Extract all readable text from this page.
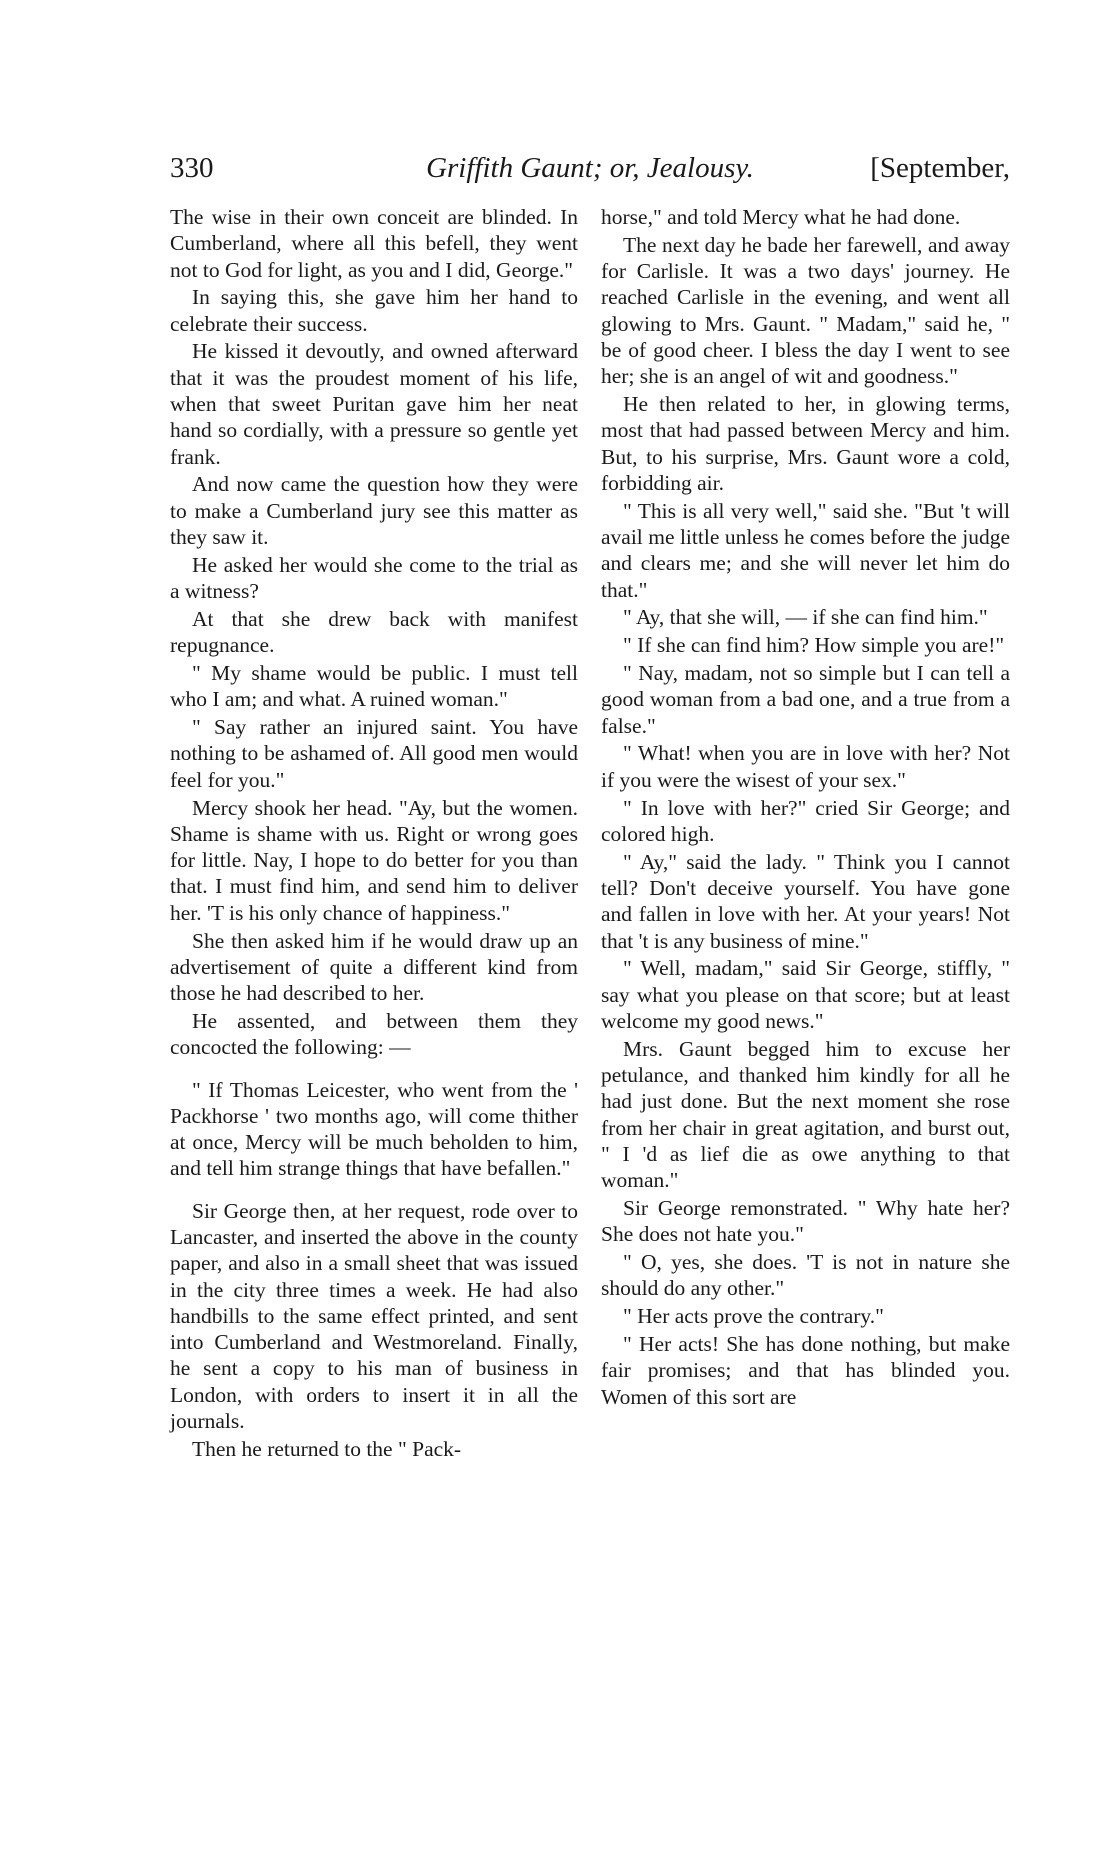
330	Griffith Gaunt; or, Jealousy.	[September,

The wise in their own conceit are blinded. In Cumberland, where all this befell, they went not to God for light, as you and I did, George."

In saying this, she gave him her hand to celebrate their success.

He kissed it devoutly, and owned afterward that it was the proudest moment of his life, when that sweet Puritan gave him her neat hand so cordially, with a pressure so gentle yet frank.

And now came the question how they were to make a Cumberland jury see this matter as they saw it.

He asked her would she come to the trial as a witness?

At that she drew back with manifest repugnance.

" My shame would be public. I must tell who I am; and what. A ruined woman."

" Say rather an injured saint. You have nothing to be ashamed of. All good men would feel for you."

Mercy shook her head. "Ay, but the women. Shame is shame with us. Right or wrong goes for little. Nay, I hope to do better for you than that. I must find him, and send him to deliver her. 'T is his only chance of happiness."

She then asked him if he would draw up an advertisement of quite a different kind from those he had described to her.

He assented, and between them they concocted the following: —

" If Thomas Leicester, who went from the ' Packhorse ' two months ago, will come thither at once, Mercy will be much beholden to him, and tell him strange things that have befallen."

Sir George then, at her request, rode over to Lancaster, and inserted the above in the county paper, and also in a small sheet that was issued in the city three times a week. He had also handbills to the same effect printed, and sent into Cumberland and Westmoreland. Finally, he sent a copy to his man of business in London, with orders to insert it in all the journals.

Then he returned to the " Pack-

horse," and told Mercy what he had done.

The next day he bade her farewell, and away for Carlisle. It was a two days' journey. He reached Carlisle in the evening, and went all glowing to Mrs. Gaunt. " Madam," said he, " be of good cheer. I bless the day I went to see her; she is an angel of wit and goodness."

He then related to her, in glowing terms, most that had passed between Mercy and him. But, to his surprise, Mrs. Gaunt wore a cold, forbidding air.

" This is all very well," said she. "But 't will avail me little unless he comes before the judge and clears me; and she will never let him do that."

" Ay, that she will, — if she can find him."

" If she can find him? How simple you are!"

" Nay, madam, not so simple but I can tell a good woman from a bad one, and a true from a false."

" What! when you are in love with her? Not if you were the wisest of your sex."

" In love with her?" cried Sir George; and colored high.

" Ay," said the lady. " Think you I cannot tell? Don't deceive yourself. You have gone and fallen in love with her. At your years! Not that 't is any business of mine."

" Well, madam," said Sir George, stiffly, " say what you please on that score; but at least welcome my good news."

Mrs. Gaunt begged him to excuse her petulance, and thanked him kindly for all he had just done. But the next moment she rose from her chair in great agitation, and burst out, " I 'd as lief die as owe anything to that woman."

Sir George remonstrated. " Why hate her? She does not hate you."

" O, yes, she does. 'T is not in nature she should do any other."

" Her acts prove the contrary."

" Her acts! She has done nothing, but make fair promises; and that has blinded you. Women of this sort are
